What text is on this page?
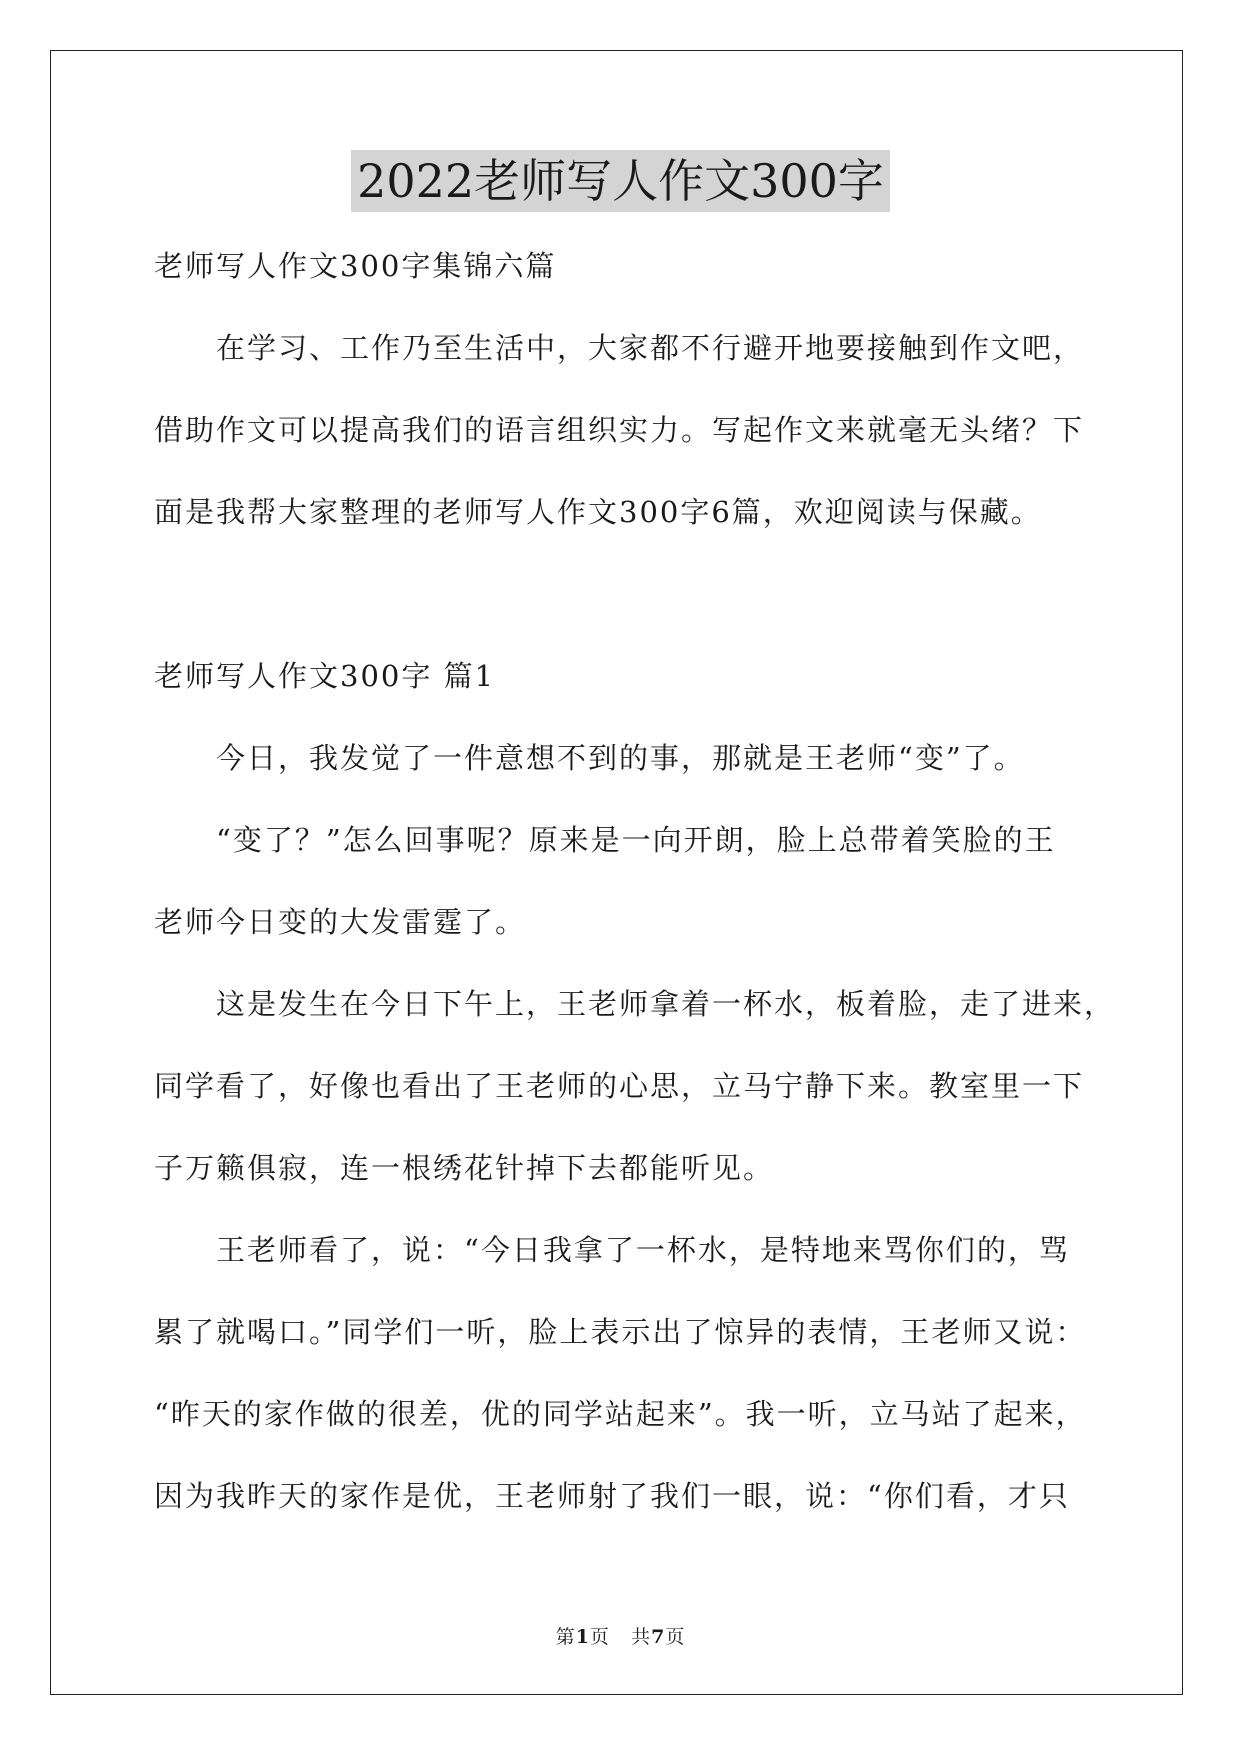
2022老师写人作文300字
老师写人作文300字集锦六篇
在学习、工作乃至生活中，大家都不行避开地要接触到作文吧，
借助作文可以提高我们的语言组织实力。写起作文来就毫无头绪？下
面是我帮大家整理的老师写人作文300字6篇，欢迎阅读与保藏。
老师写人作文300字 篇1
今日，我发觉了一件意想不到的事，那就是王老师“变”了。
“变了？”怎么回事呢？原来是一向开朗，脸上总带着笑脸的王
老师今日变的大发雷霆了。
这是发生在今日下午上，王老师拿着一杯水，板着脸，走了进来，
同学看了，好像也看出了王老师的心思，立马宁静下来。教室里一下
子万籁俱寂，连一根绣花针掉下去都能听见。
王老师看了，说：“今日我拿了一杯水，是特地来骂你们的，骂
累了就喝口。”同学们一听，脸上表示出了惊异的表情，王老师又说：
“昨天的家作做的很差，优的同学站起来”。我一听，立马站了起来，
因为我昨天的家作是优，王老师射了我们一眼，说：“你们看，才只
第1页 共7页
